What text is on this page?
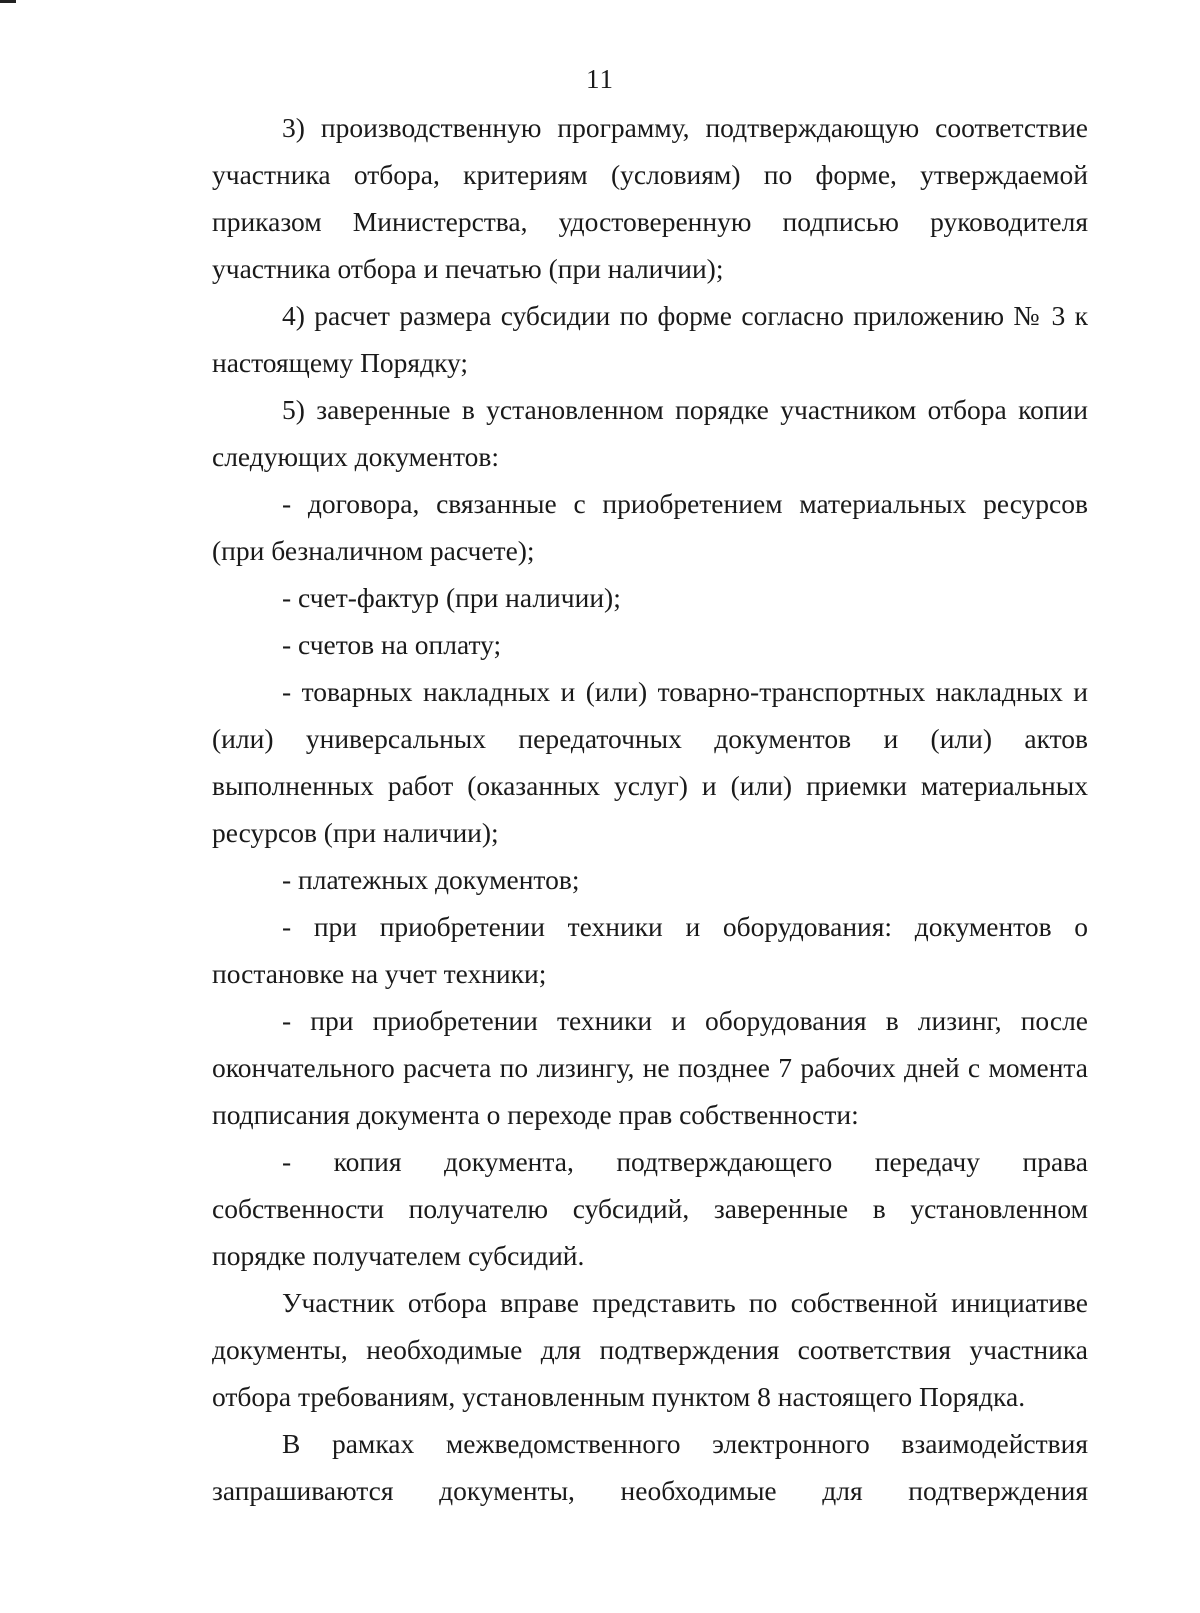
11

3) производственную программу, подтверждающую соответствие участника отбора, критериям (условиям) по форме, утверждаемой приказом Министерства, удостоверенную подписью руководителя участника отбора и печатью (при наличии);

4) расчет размера субсидии по форме согласно приложению № 3 к настоящему Порядку;

5) заверенные в установленном порядке участником отбора копии следующих документов:

- договора, связанные с приобретением материальных ресурсов (при безналичном расчете);

- счет-фактур (при наличии);

- счетов на оплату;

- товарных накладных и (или) товарно-транспортных накладных и (или) универсальных передаточных документов и (или) актов выполненных работ (оказанных услуг) и (или) приемки материальных ресурсов (при наличии);

- платежных документов;

- при приобретении техники и оборудования: документов о постановке на учет техники;

- при приобретении техники и оборудования в лизинг, после окончательного расчета по лизингу, не позднее 7 рабочих дней с момента подписания документа о переходе прав собственности:

- копия документа, подтверждающего передачу права собственности получателю субсидий, заверенные в установленном порядке получателем субсидий.

Участник отбора вправе представить по собственной инициативе документы, необходимые для подтверждения соответствия участника отбора требованиям, установленным пунктом 8 настоящего Порядка.

В рамках межведомственного электронного взаимодействия запрашиваются документы, необходимые для подтверждения
